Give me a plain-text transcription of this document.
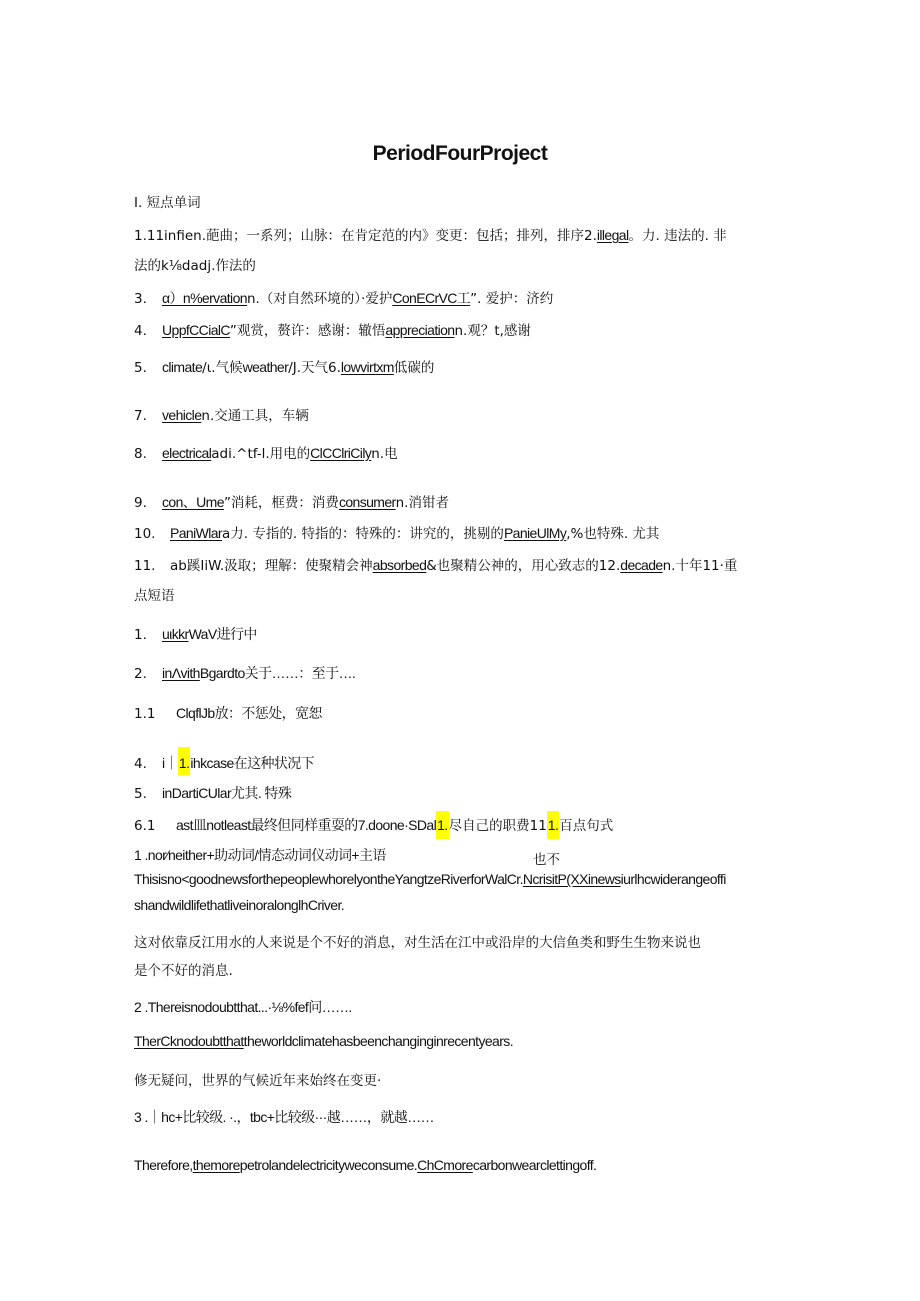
PeriodFourProject
Ⅰ. 短点单词
1.11infien.葩曲；一系列；山脉：在肯定范的内》变更：包括；排列，排序2.illegal。力. 违法的. 非
法的k⅛dadj.作法的
3. α）n%ervationn.（对自然环境的）·爱护ConECrVC工”. 爱护：济约
4. UppfCCialC”观赏，赘许：感谢：辙悟appreciationn.观？t,感谢
5. climate∕ι.气候weather/J.天气6.lowvirtxm低碳的
7. vehiclen.交通工具，车辆
8. electricaladi.^tf-l.用电的ClCClriCilyn.电
9. con、Ume”消耗，框费：消费consumern.消钳者
10. PaniWlara力. 专指的. 特指的：特殊的：讲究的，挑剔的PanieUlMy,%也特殊. 尤其
11. ab蹊IiW.汲取；理解：使聚精会神absorbed&也聚精公神的，用心致志的12.decaden.十年11·重
点短语
1. uιkkrWaV进行中
2. inΛvithBgardto关于……：至于….
1.1 ClqflJb放：不惩处，宽恕
4. i｜1.ihkcase在这种状况下
5. inDartiCUlar尤其. 特殊
6.1 ast皿notleast最终但同样重耍的7.doone·SDal1.尽自己的职费111.百点句式
1 .nor∕neither+助动词/情态动词仪动词+主语	也不
Thisisno<goodnewsforthepeoplewhorelyontheYangtzeRiverforWalCr.NcrisitP(XXinewsiurlhcwiderangeoffi
shandwildlifethatliveinoralonglhCriver.
这对依靠反江用水的人来说是个不好的消息，对生活在江中或沿岸的大信鱼类和野生生物来说也
是个不好的消息.
2 .Thereisnodoubtthat...·⅛%fef问…….
TherCknodoubtthattheworldclimatehasbeenchanginginrecentyears.
修无疑问，世界的气候近年来始终在变更·
3 .｜hc+比较级. ·.，tbc+比较级···越……，就越……
Therefore,themorepetrolandelectricityweconsume.ChCmorecarbonwearclettingoff.
